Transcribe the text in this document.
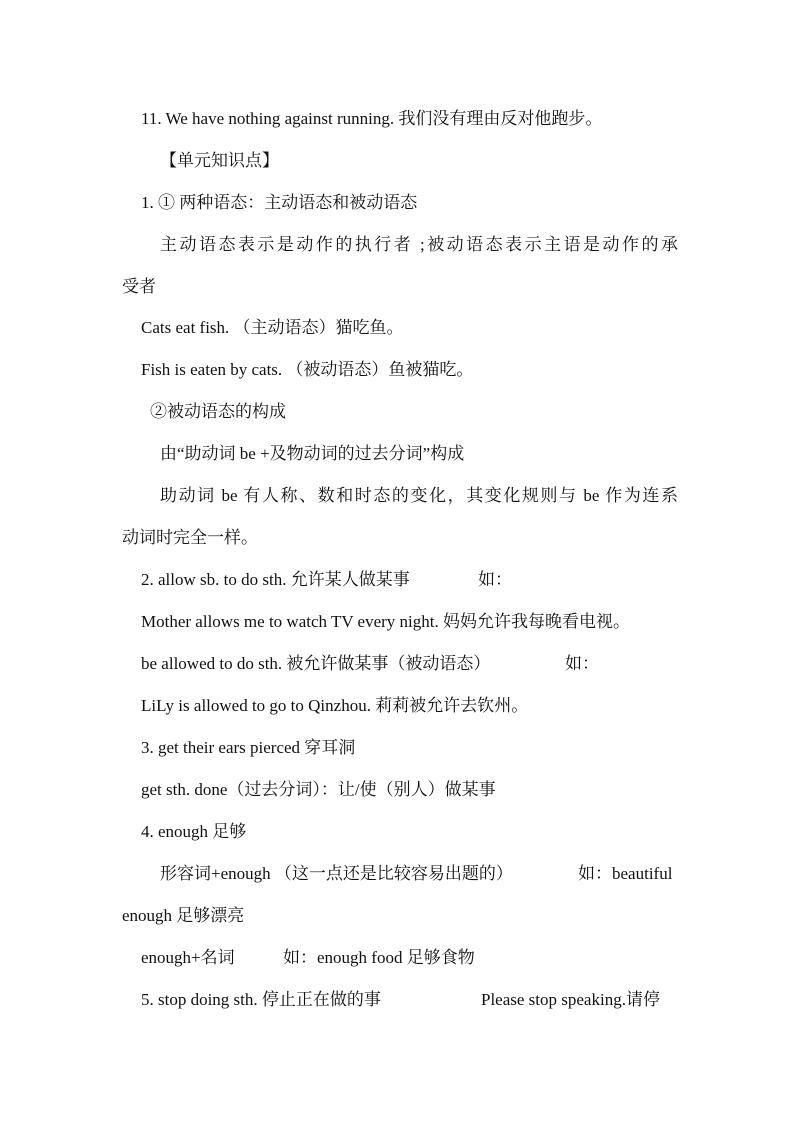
11. We have nothing against running. 我们没有理由反对他跑步。
【单元知识点】
1. ① 两种语态：主动语态和被动语态
主动语态表示是动作的执行者 ;被动语态表示主语是动作的承
受者
Cats eat fish. （主动语态）猫吃鱼。
Fish is eaten by cats. （被动语态）鱼被猫吃。
②被动语态的构成
由“助动词 be +及物动词的过去分词”构成
助动词 be 有人称、数和时态的变化，其变化规则与 be 作为连系
动词时完全一样。
2. allow sb. to do sth. 允许某人做某事	如：
Mother allows me to watch TV every night. 妈妈允许我每晚看电视。
be allowed to do sth. 被允许做某事（被动语态）	如：
LiLy is allowed to go to Qinzhou. 莉莉被允许去钦州。
3. get their ears pierced 穿耳洞
get sth. done（过去分词）：让/使（别人）做某事
4. enough 足够
形容词+enough （这一点还是比较容易出题的）	如：beautiful
enough 足够漂亮
enough+名词	如：enough food 足够食物
5. stop doing sth. 停止正在做的事	Please stop speaking.请停
